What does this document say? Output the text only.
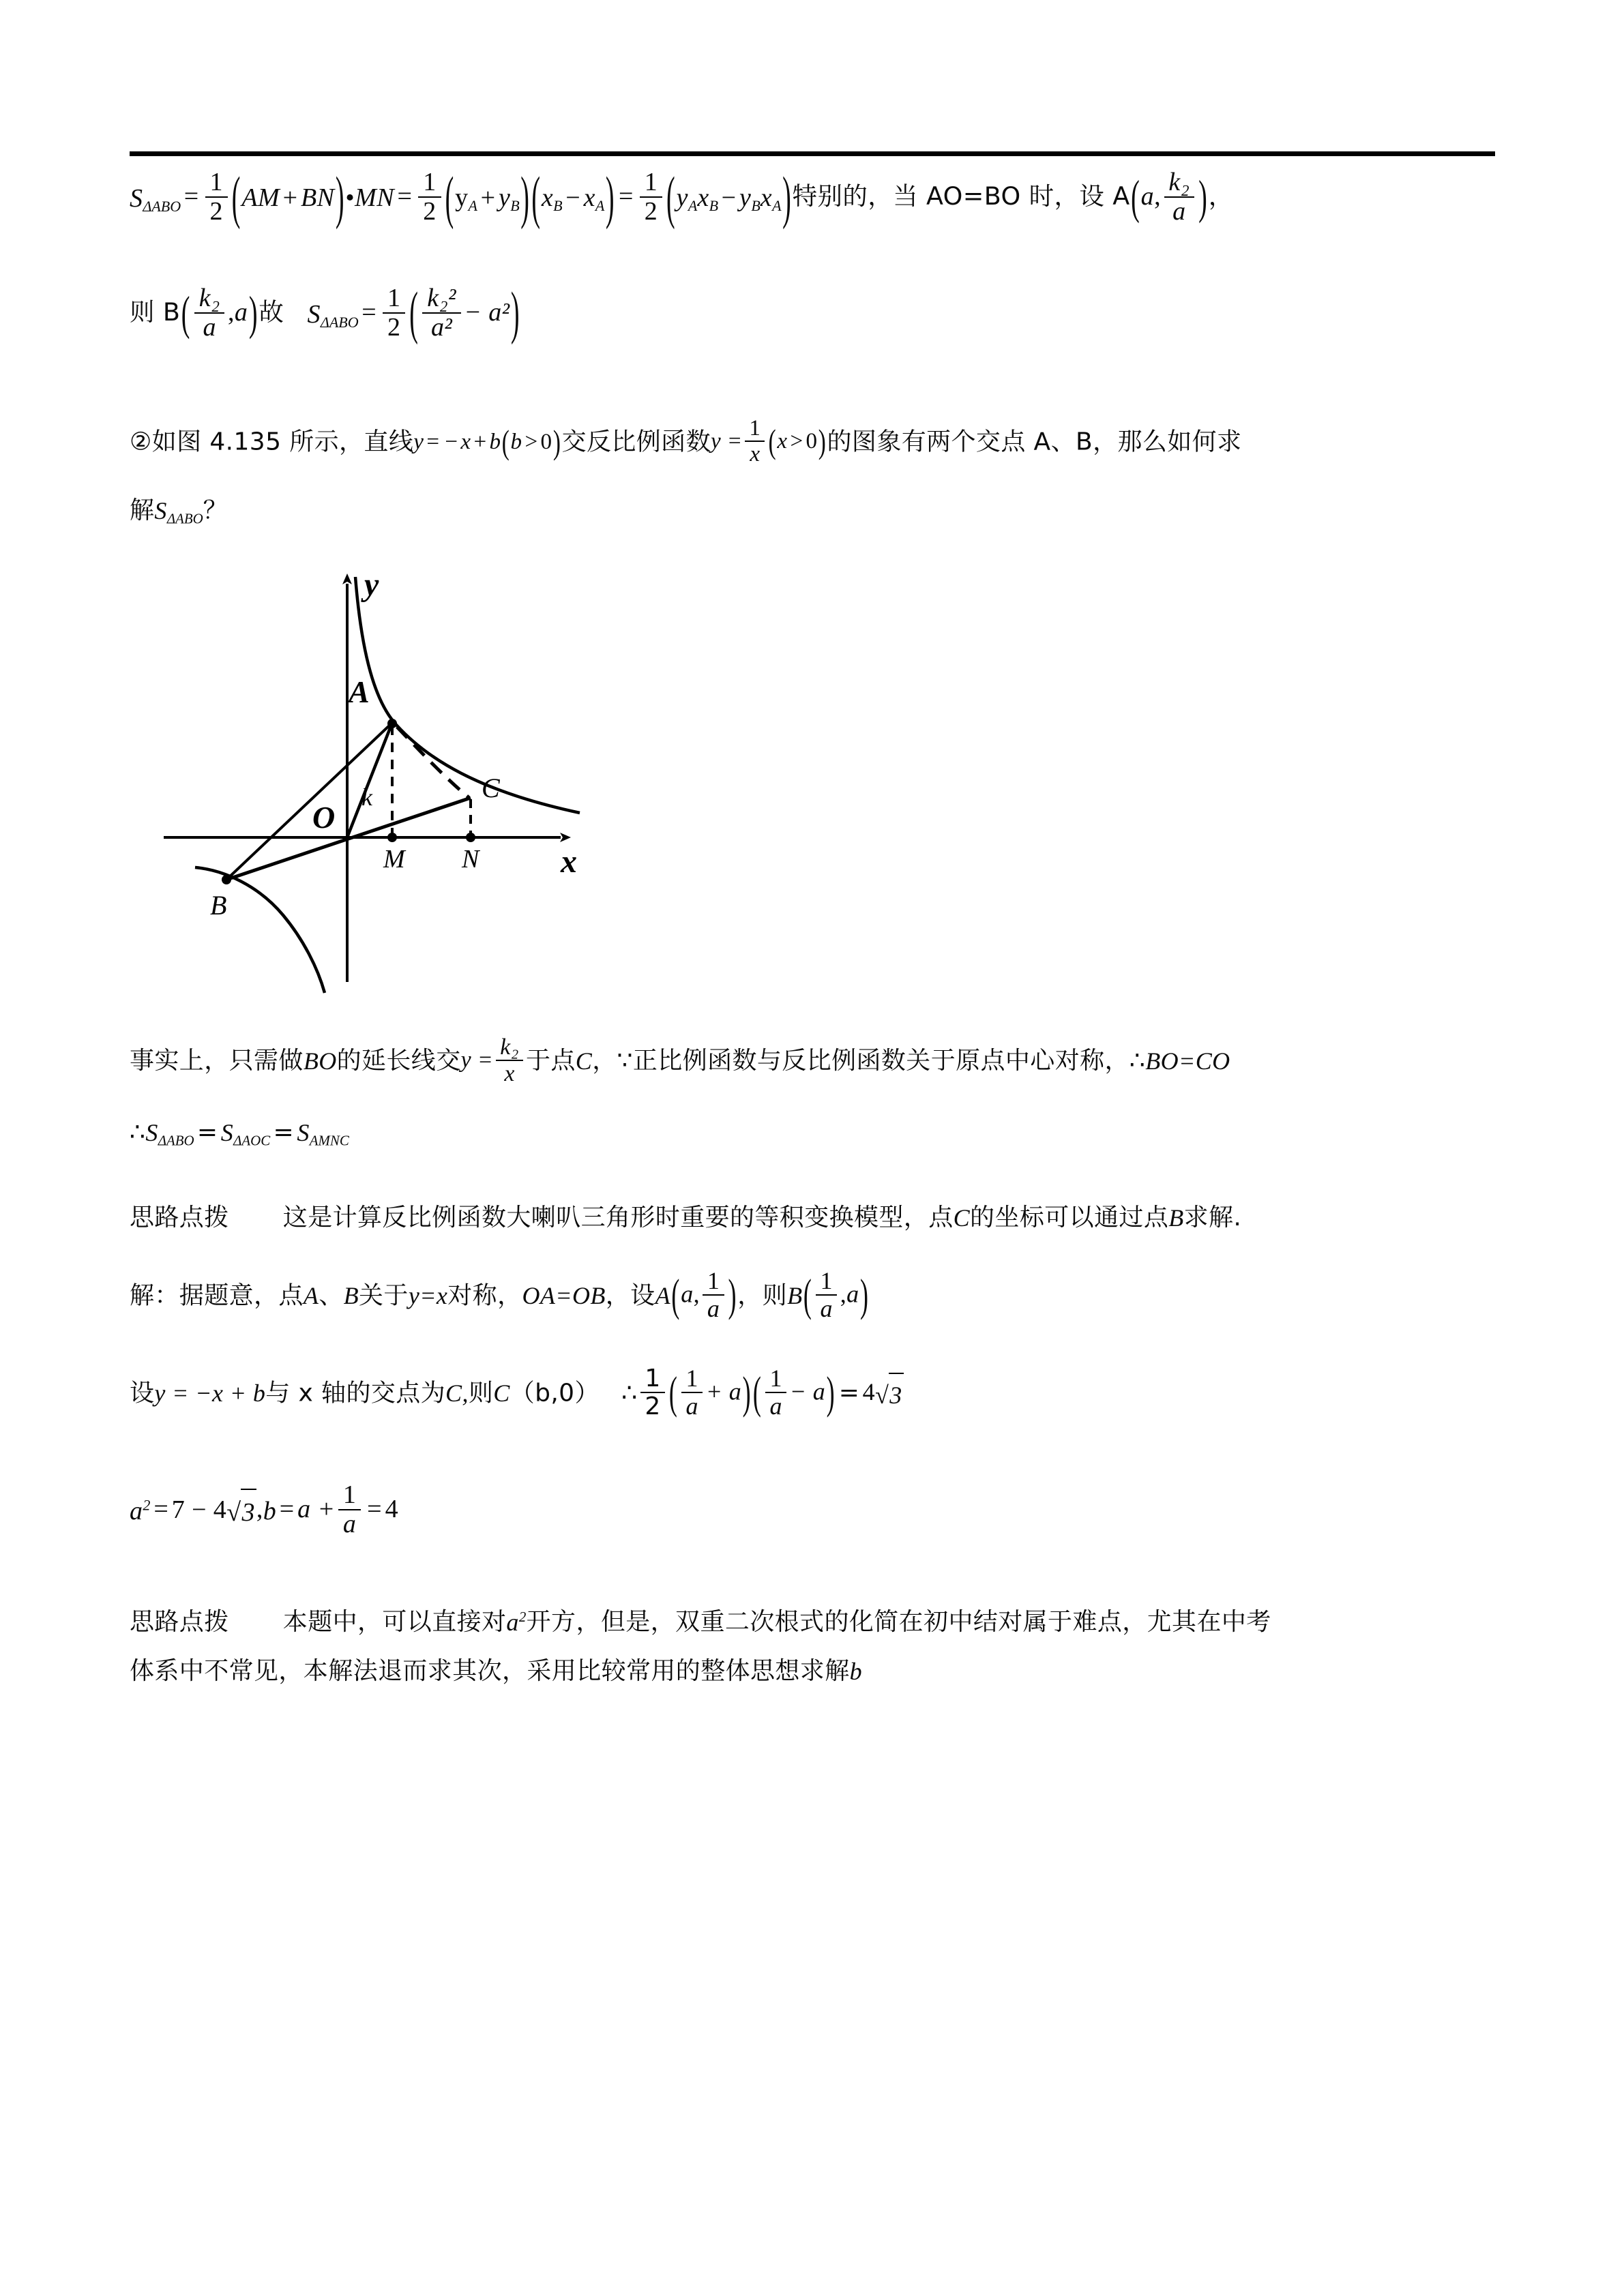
$S_{\Delta ABO} = \frac{1}{2} (AM$ + BN)•MN = $\frac{1}{2} (y_A + y_B)(x_B - x_A) = \frac{1}{2} (y_Ax_B - y_Bx_A)$特别的，当 AO=BO 时，设 A(a, $\frac{\text{k₂}}{a}$ )，
则 $B( \frac{\text{k₂}}{a} ,a)$故 $S_{\Delta ABO} = \frac{1}{2}$ ( $\frac{\text{k₂²}}{\text{a²}} - a^2$)
②如图 4.135 所示，直线y = − x + b(b > 0)交反比例函数$y = \frac{1}{x} (x > 0)$的图象有两个交点 A、B，那么如何求
解$S_{\Delta ABO}$？
A
B
C
M N
O
k
y
x
事实上，只需做BO的延长线交$y = \frac{\text{k₂}}{x}$ 于点C，∵正比例函数与反比例函数关于原点中心对称，∴BO=CO
$\therefore S_{\Delta ABO} = S_{\Delta AOC} = S_{AMNC}$
思路点拨 这是计算反比例函数大喇叭三角形时重要的等积变换模型，点C的坐标可以通过点B求解.
解：据题意，点A、B关于y=x对称，OA=OB，设A(a, $\frac{1}{a}$ )，则$B( \frac{1}{a} ,a)$
设y = −x + b与 x 轴的交点为C,则C（b,0） ∴ $\frac{1}{2}$ ( $\frac{1}{a} + a)( \frac{1}{a} - a) = 4√3$
$a^2 = 7 - 4√3,b = a + \frac{1}{a} = 4$
思路点拨 本题中，可以直接对$a^2$开方，但是，双重二次根式的化简在初中结对属于难点，尤其在中考
体系中不常见，本解法退而求其次，采用比较常用的整体思想求解b
